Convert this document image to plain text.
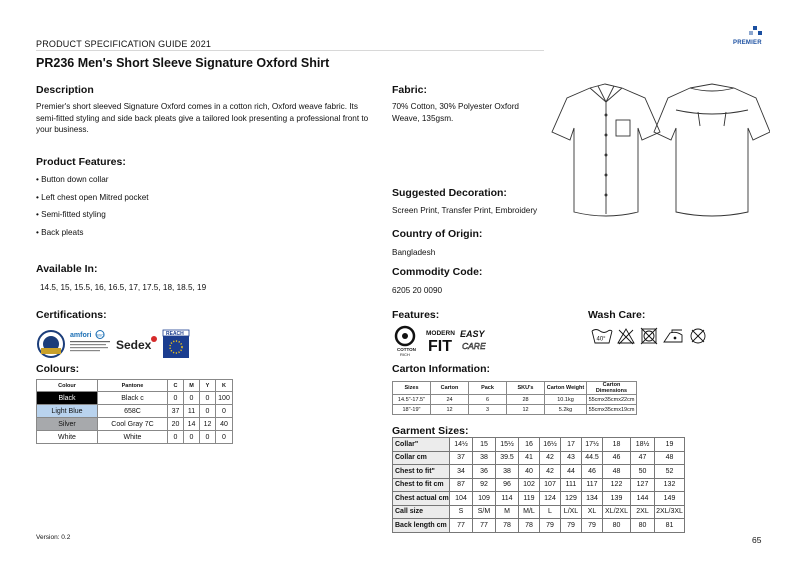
PRODUCT SPECIFICATION GUIDE 2021	PREMIER
PR236 Men's Short Sleeve Signature Oxford Shirt
Description

Premier's short sleeved Signature Oxford comes in a cotton rich, Oxford weave fabric. Its semi-fitted styling and side back pleats give a tailored look presenting a professional front to your business.

Product Features:
• Button down collar
• Left chest open Mitred pocket
• Semi-fitted styling
• Back pleats
Available In:
14.5, 15, 15.5, 16, 16.5, 17, 17.5, 18, 18.5, 19
Certifications:
amfori BSCI
Sedex
REACH
Colours:
Colour	Pantone	C	M	Y	K
Black	Black c	0	0	0	100
Light Blue	658C	37	11	0	0
Silver	Cool Gray 7C	20	14	12	40
White	White	0	0	0	0
Fabric:

70% Cotton, 30% Polyester Oxford Weave, 135gsm.

Suggested Decoration:
Screen Print, Transfer Print, Embroidery
Country of Origin:
Bangladesh
Commodity Code:
6205 20 0090
Features:
COTTON
RICH
MODERN
FIT
EASY
CARE
Wash Care:
40°
Carton Information:
Sizes	Carton	Pack	SKU's	Carton Weight	Carton Dimensions
14.5"-17.5"	24	6	28	10.1kg	55cmx35cmx22cm
18"-19"	12	3	12	5.2kg	55cmx35cmx19cm
Garment Sizes:
Collar"	14½	15	15½	16	16½	17	17½	18	18½	19
Collar cm	37	38	39.5	41	42	43	44.5	46	47	48
Chest to fit"	34	36	38	40	42	44	46	48	50	52
Chest to fit cm	87	92	96	102	107	111	117	122	127	132
Chest actual cm	104	109	114	119	124	129	134	139	144	149
Call size	S	S/M	M	M/L	L	L/XL	XL	XL/2XL	2XL	2XL/3XL
Back length cm	77	77	78	78	79	79	79	80	80	81
Version: 0.2	65
